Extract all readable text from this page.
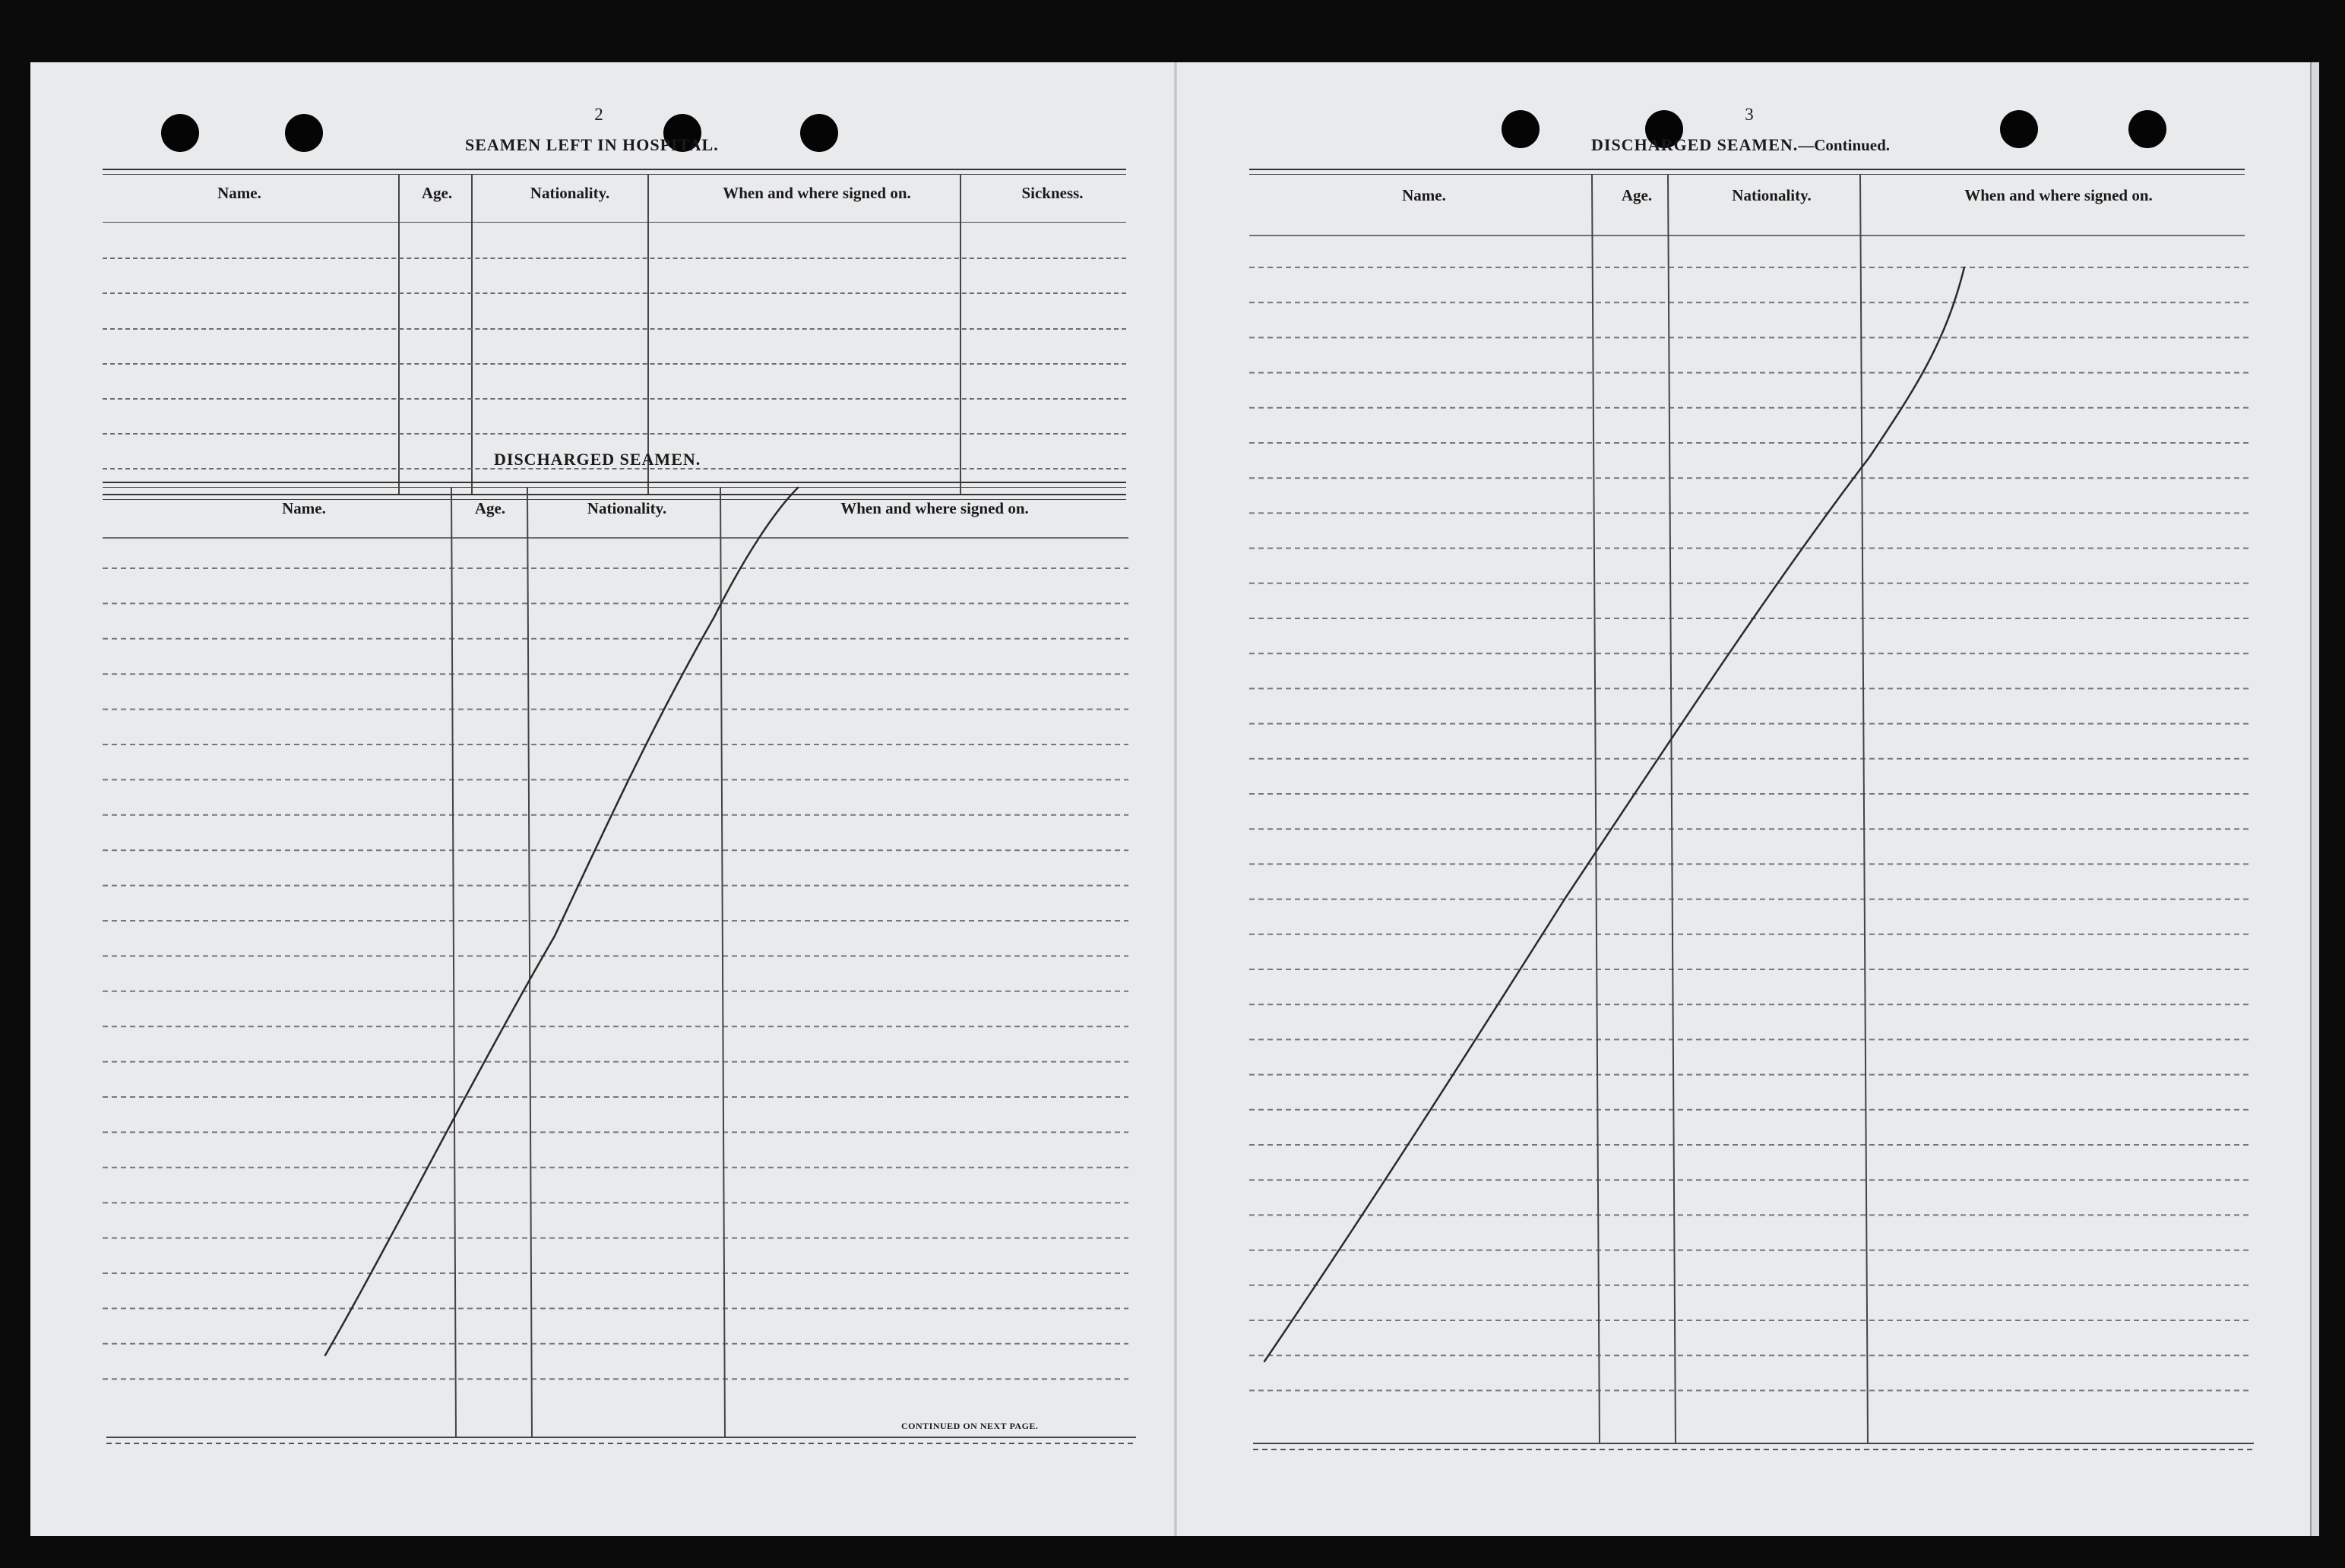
2
SEAMEN LEFT IN HOSPITAL.
Name.	Age.	Nationality.	When and where signed on.	Sickness.
DISCHARGED SEAMEN.
Name.	Age.	Nationality.	When and where signed on.
3
DISCHARGED SEAMEN.—Continued.
Name.	Age.	Nationality.	When and where signed on.
CONTINUED ON NEXT PAGE.
